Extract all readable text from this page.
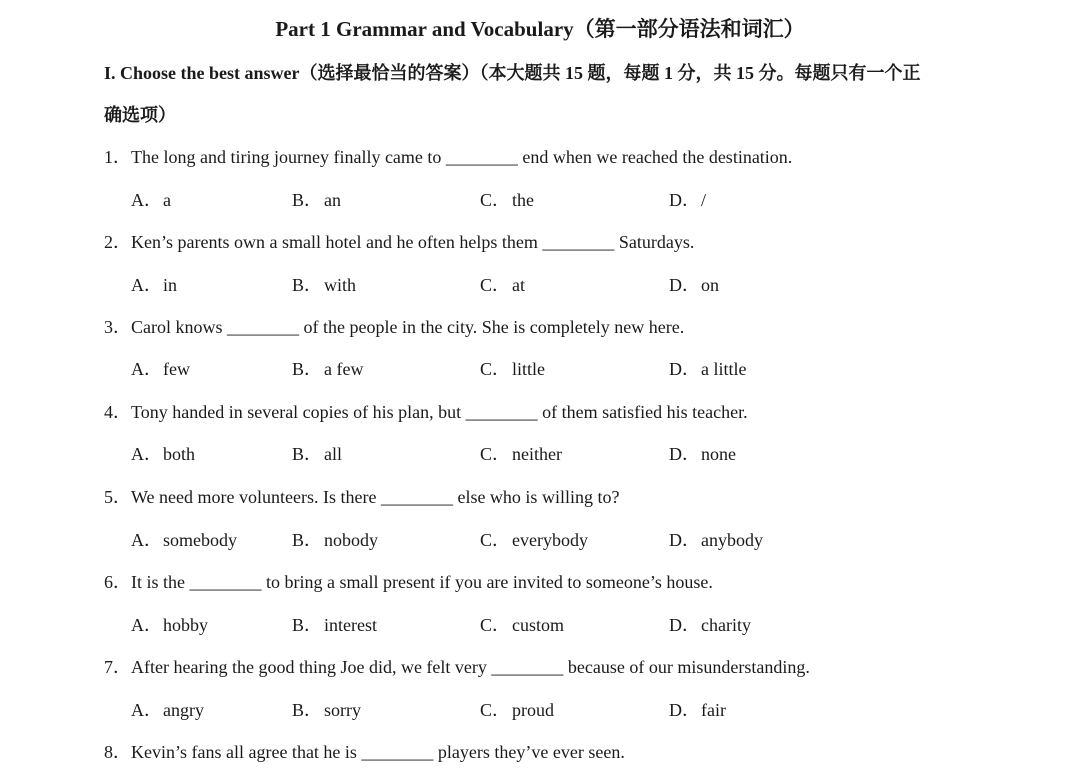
Part 1 Grammar and Vocabulary（第一部分语法和词汇）
I. Choose the best answer（选择最恰当的答案）（本大题共 15 题，每题 1 分，共 15 分。每题只有一个正
确选项）
1．The long and tiring journey finally came to ________ end when we reached the destination.
A．a	B． an	C． the	D．/
2．Ken’s parents own a small hotel and he often helps them ________ Saturdays.
A．in	B． with	C． at	D．on
3．Carol knows ________ of the people in the city. She is completely new here.
A．few	B． a few	C． little	D．a little
4．Tony handed in several copies of his plan, but ________ of them satisfied his teacher.
A．both	B． all	C． neither	D．none
5．We need more volunteers. Is there ________ else who is willing to?
A．somebody	B． nobody	C． everybody	D．anybody
6．It is the ________ to bring a small present if you are invited to someone’s house.
A．hobby	B． interest	C． custom	D．charity
7．After hearing the good thing Joe did, we felt very ________ because of our misunderstanding.
A．angry	B． sorry	C． proud	D．fair
8．Kevin’s fans all agree that he is ________ players they’ve ever seen.
